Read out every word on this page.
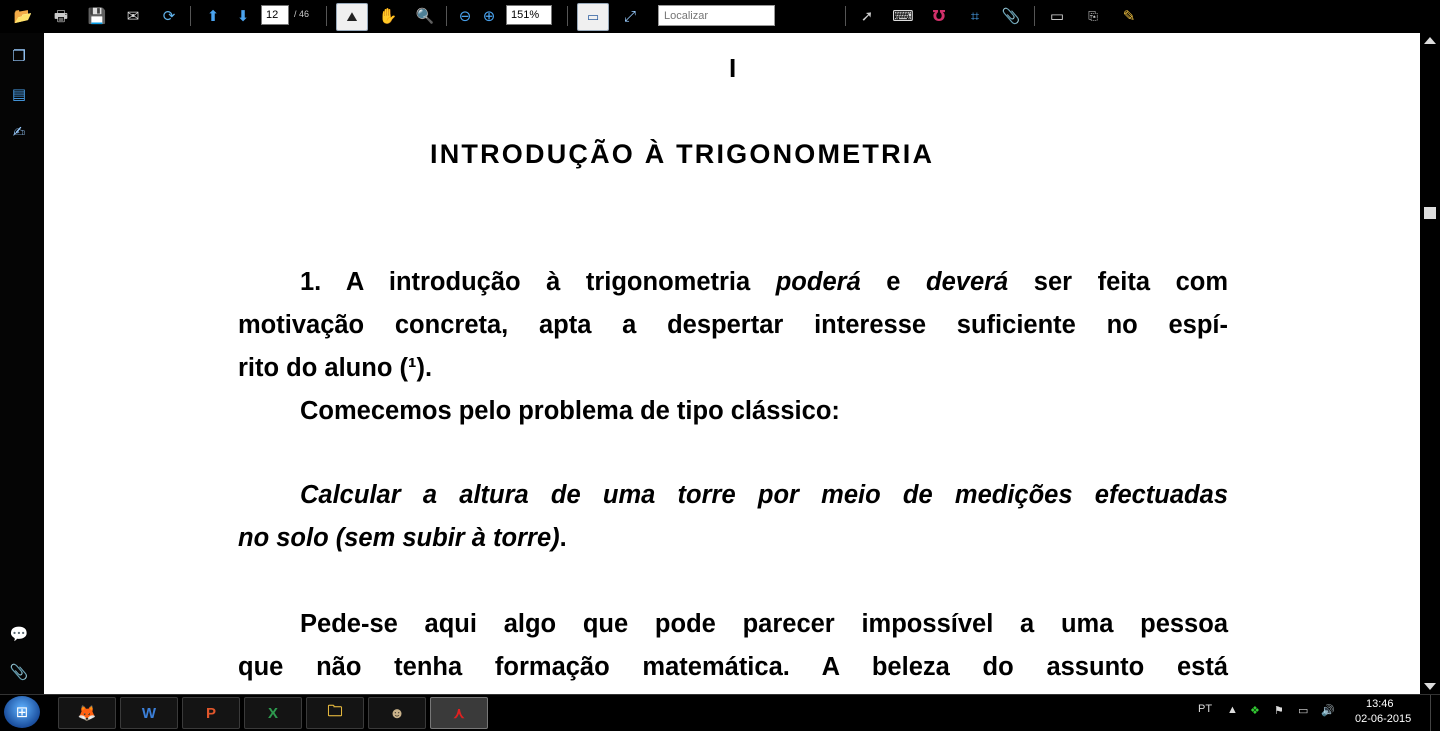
📂 🖶 💾	✉	⟳	⬆	⬇
12	/ 46	⛰	✋ 🔍	⊖ ⊕
151%	▭	⤢
Localizar	➚	⌨	Ʊ	⌗	📎 ▭	⎘	✎
❐
▤
✍
💬
📎
I
INTRODUÇÃO À TRIGONOMETRIA
1. A introdução à trigonometria poderá e deverá ser feita com
motivação concreta, apta a despertar interesse suficiente no espí-
rito do aluno (¹).
Comecemos pelo problema de tipo clássico:
Calcular a altura de uma torre por meio de medições efectuadas
no solo (sem subir à torre).
Pede-se aqui algo que pode parecer impossível a uma pessoa
que não tenha formação matemática. A beleza do assunto está
⊞	🦊	W	P	X	🗀	☻	⋏	PT ▲ ❖ ⚑ ▭ 🔊
13:46
02-06-2015
